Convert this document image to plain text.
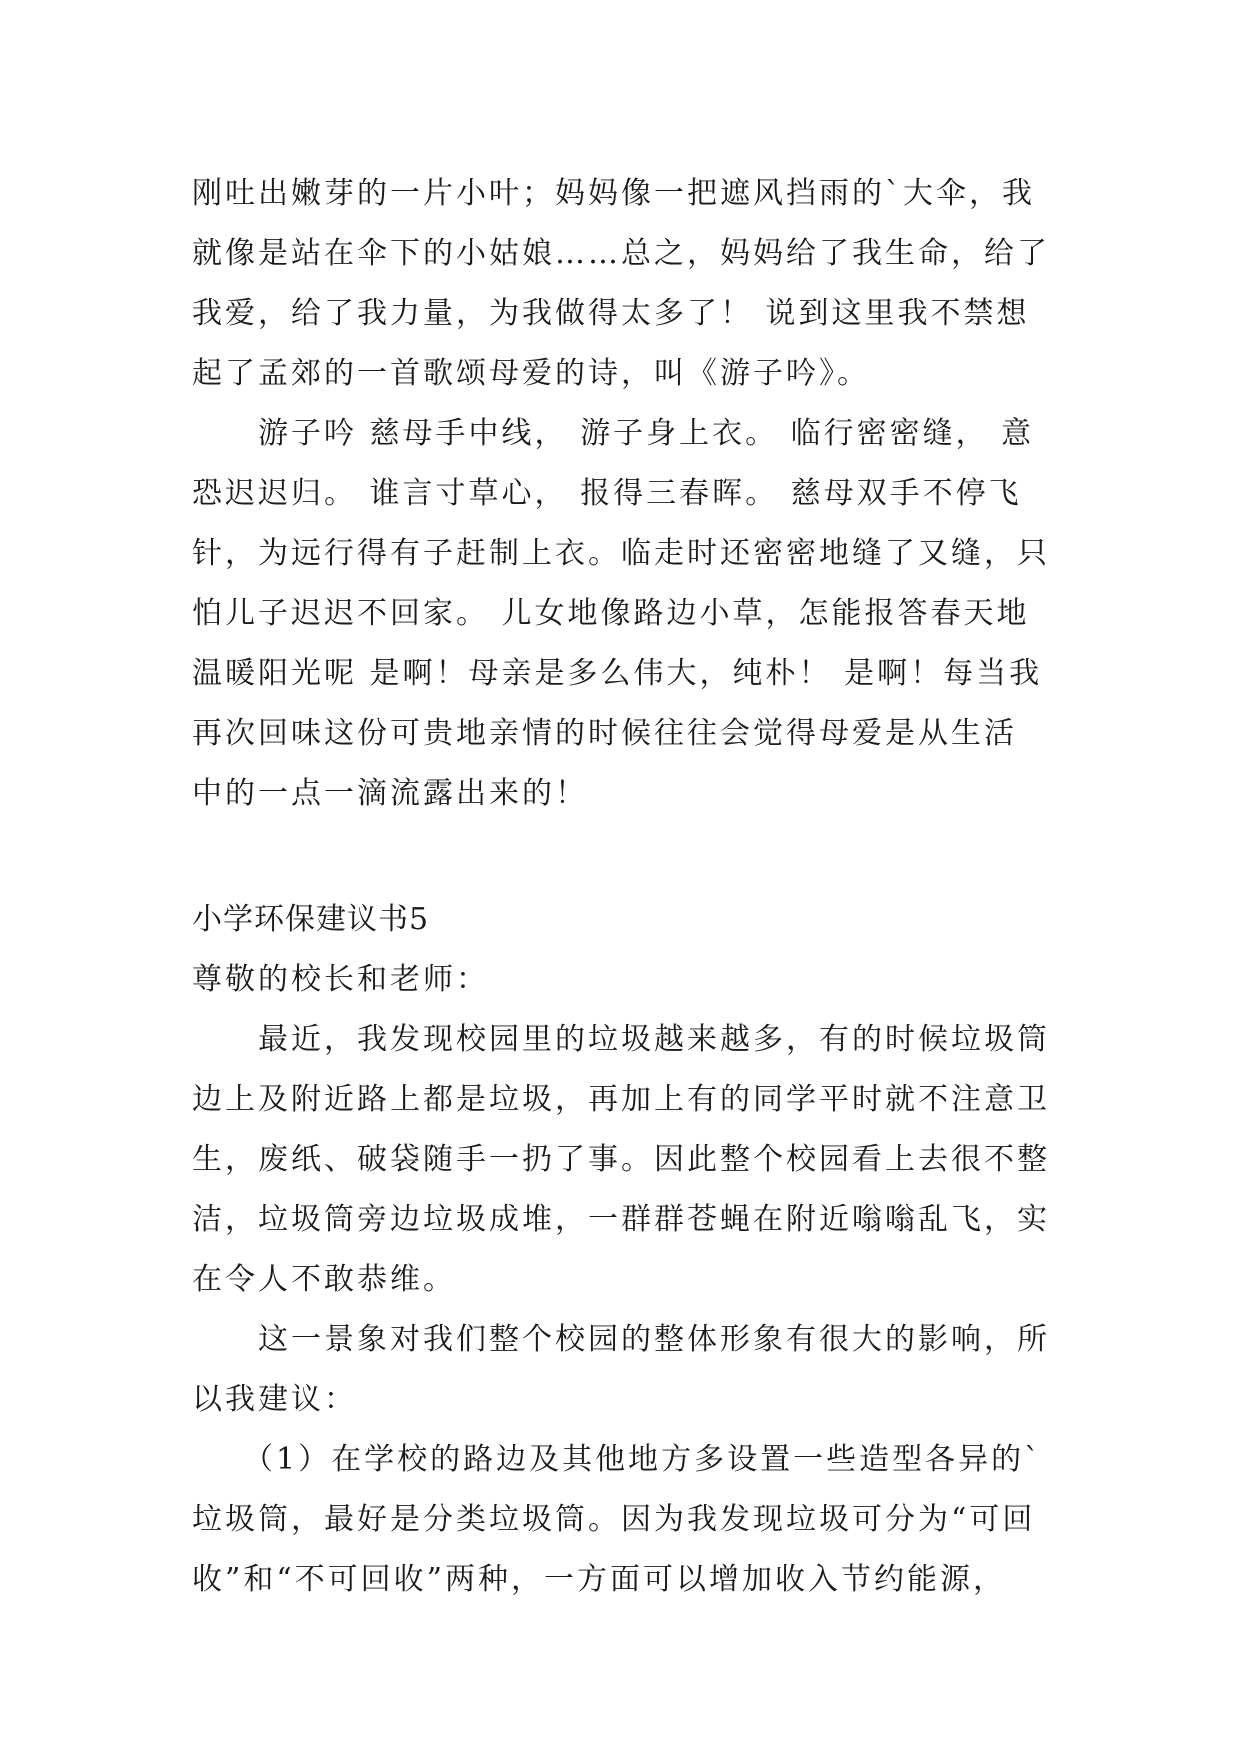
刚吐出嫩芽的一片小叶；妈妈像一把遮风挡雨的`大伞，我
就像是站在伞下的小姑娘……总之，妈妈给了我生命，给了
我爱，给了我力量，为我做得太多了！ 说到这里我不禁想
起了孟郊的一首歌颂母爱的诗，叫《游子吟》。
　　游子吟 慈母手中线， 游子身上衣。 临行密密缝， 意
恐迟迟归。 谁言寸草心， 报得三春晖。 慈母双手不停飞
针，为远行得有子赶制上衣。临走时还密密地缝了又缝，只
怕儿子迟迟不回家。 儿女地像路边小草，怎能报答春天地
温暖阳光呢 是啊！母亲是多么伟大，纯朴！ 是啊！每当我
再次回味这份可贵地亲情的时候往往会觉得母爱是从生活
中的一点一滴流露出来的！
小学环保建议书5
尊敬的校长和老师：
　　最近，我发现校园里的垃圾越来越多，有的时候垃圾筒
边上及附近路上都是垃圾，再加上有的同学平时就不注意卫
生，废纸、破袋随手一扔了事。因此整个校园看上去很不整
洁，垃圾筒旁边垃圾成堆，一群群苍蝇在附近嗡嗡乱飞，实
在令人不敢恭维。
　　这一景象对我们整个校园的整体形象有很大的影响，所
以我建议：
　　（1）在学校的路边及其他地方多设置一些造型各异的`
垃圾筒，最好是分类垃圾筒。因为我发现垃圾可分为“可回
收”和“不可回收”两种，一方面可以增加收入节约能源，
